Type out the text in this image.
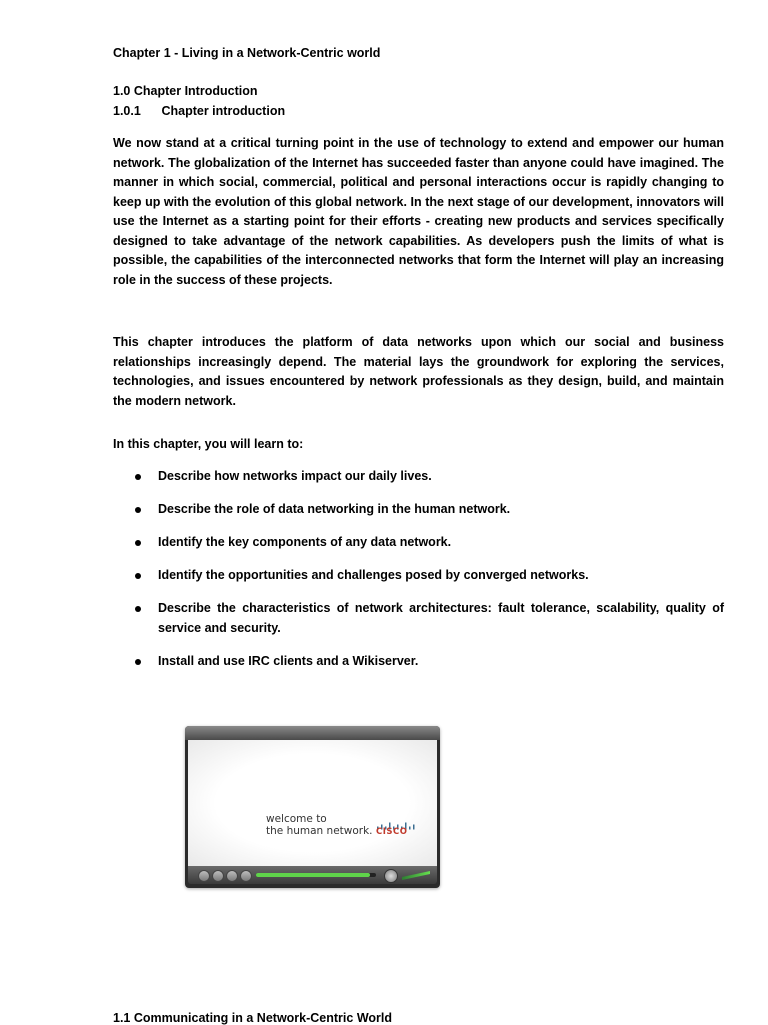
Chapter 1 - Living in a Network-Centric world
1.0 Chapter Introduction
1.0.1 Chapter introduction

We now stand at a critical turning point in the use of technology to extend and empower our human network. The globalization of the Internet has succeeded faster than anyone could have imagined. The manner in which social, commercial, political and personal interactions occur is rapidly changing to keep up with the evolution of this global network. In the next stage of our development, innovators will use the Internet as a starting point for their efforts - creating new products and services specifically designed to take advantage of the network capabilities. As developers push the limits of what is possible, the capabilities of the interconnected networks that form the Internet will play an increasing role in the success of these projects.

This chapter introduces the platform of data networks upon which our social and business relationships increasingly depend. The material lays the groundwork for exploring the services, technologies, and issues encountered by network professionals as they design, build, and maintain the modern network.

In this chapter, you will learn to:
Describe how networks impact our daily lives.
Describe the role of data networking in the human network.
Identify the key components of any data network.
Identify the opportunities and challenges posed by converged networks.
Describe the characteristics of network architectures: fault tolerance, scalability, quality of service and security.
Install and use IRC clients and a Wikiserver.
1.1 Communicating in a Network-Centric World
welcome to
the human network. CISCO
